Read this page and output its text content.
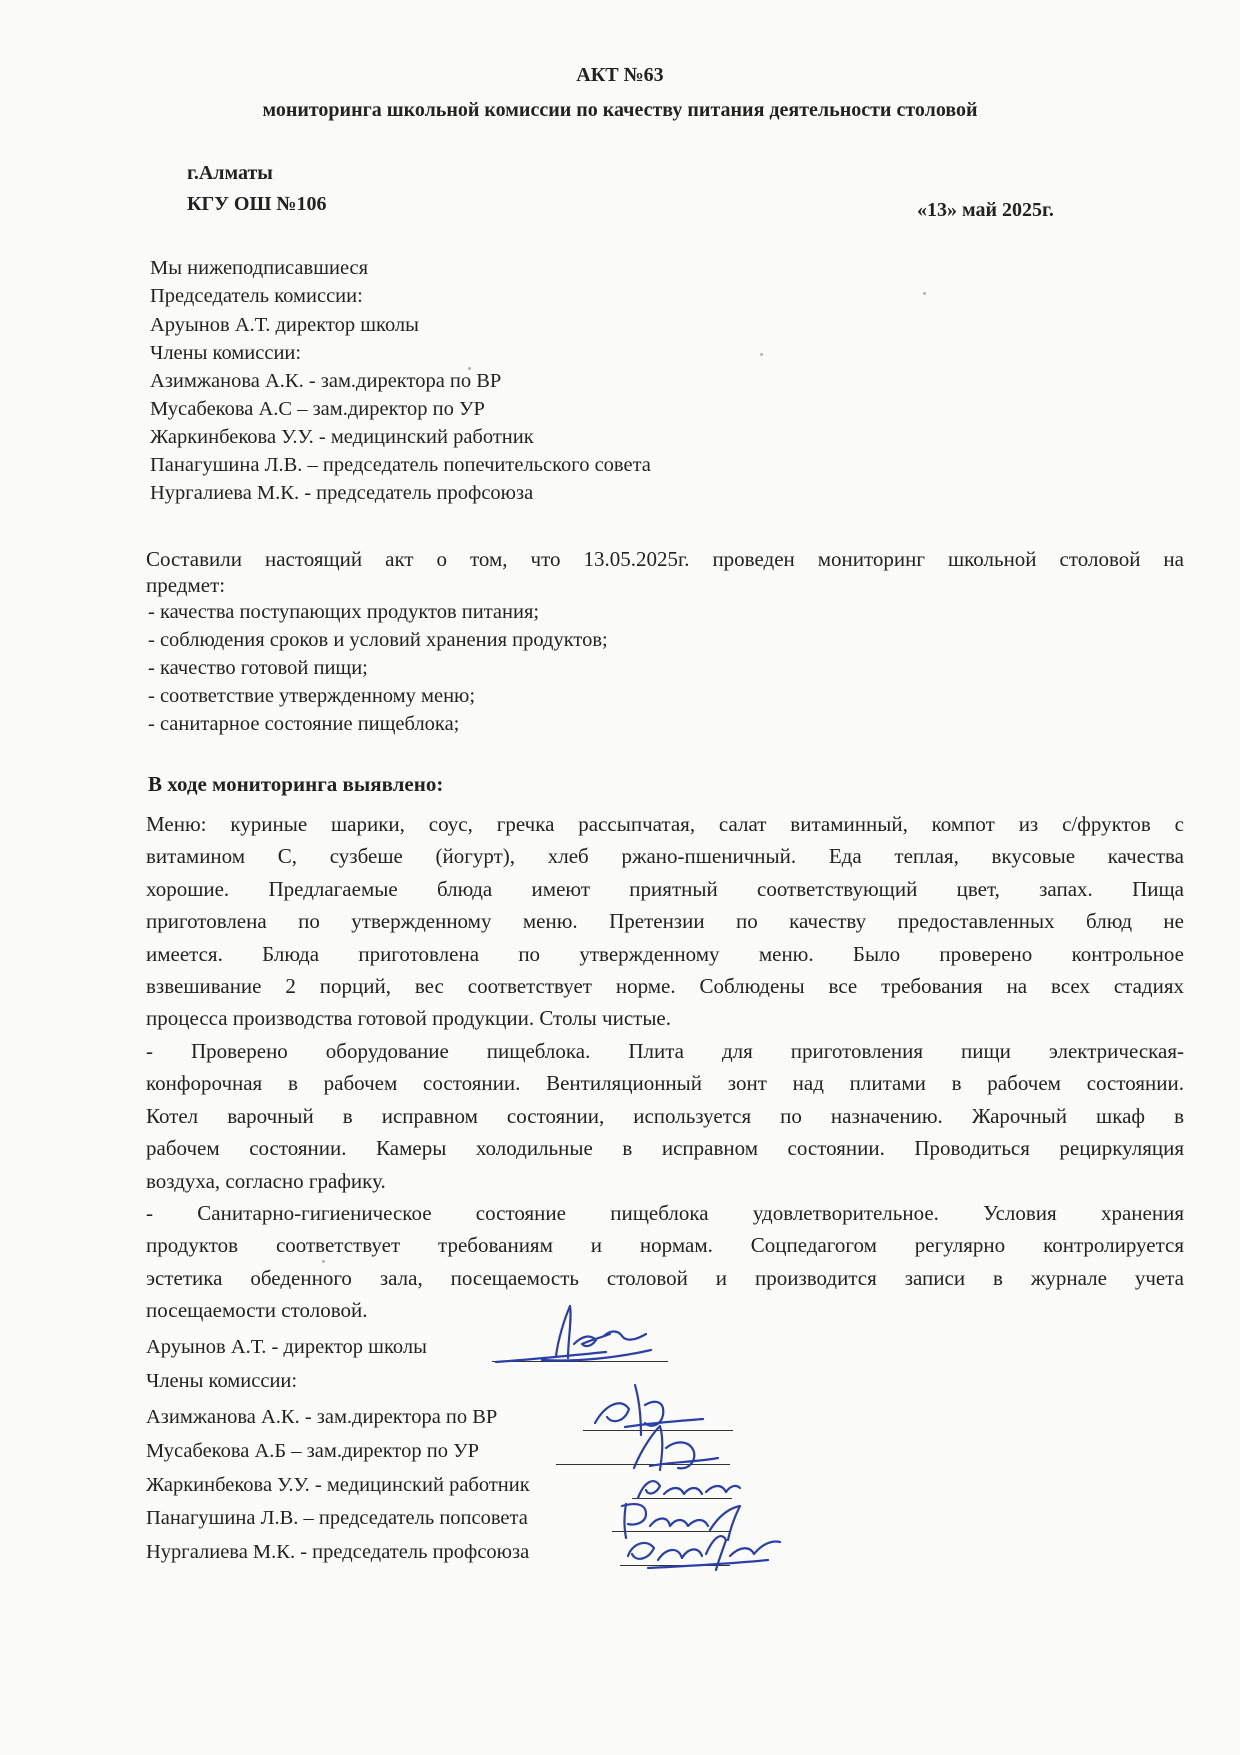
АКТ №63
мониторинга школьной комиссии по качеству питания деятельности столовой
г.Алматы
КГУ ОШ №106	«13» май 2025г.
Мы нижеподписавшиеся
Председатель комиссии:
Аруынов А.Т. директор школы
Члены комиссии:
Азимжанова А.К. - зам.директора по ВР
Мусабекова А.С – зам.директор по УР
Жаркинбекова У.У. - медицинский работник
Панагушина Л.В. – председатель попечительского совета
Нургалиева М.К. - председатель профсоюза
Составили настоящий акт о том, что 13.05.2025г. проведен мониторинг школьной столовой на
предмет:
- качества поступающих продуктов питания;
- соблюдения сроков и условий хранения продуктов;
- качество готовой пищи;
- соответствие утвержденному меню;
- санитарное состояние пищеблока;
В ходе мониторинга выявлено:
Меню: куриные шарики, соус, гречка рассыпчатая, салат витаминный, компот из с/фруктов с
витамином С, сузбеше (йогурт), хлеб ржано-пшеничный. Еда теплая, вкусовые качества
хорошие. Предлагаемые блюда имеют приятный соответствующий цвет, запах. Пища
приготовлена по утвержденному меню. Претензии по качеству предоставленных блюд не
имеется. Блюда приготовлена по утвержденному меню. Было проверено контрольное
взвешивание 2 порций, вес соответствует норме. Соблюдены все требования на всех стадиях
процесса производства готовой продукции. Столы чистые.
- Проверено оборудование пищеблока. Плита для приготовления пищи электрическая-
конфорочная в рабочем состоянии. Вентиляционный зонт над плитами в рабочем состоянии.
Котел варочный в исправном состоянии, используется по назначению. Жарочный шкаф в
рабочем состоянии. Камеры холодильные в исправном состоянии. Проводиться рециркуляция
воздуха, согласно графику.
- Санитарно-гигиеническое состояние пищеблока удовлетворительное. Условия хранения
продуктов соответствует требованиям и нормам. Соцпедагогом регулярно контролируется
эстетика обеденного зала, посещаемость столовой и производится записи в журнале учета
посещаемости столовой.
Аруынов А.Т. - директор школы
Члены комиссии:
Азимжанова А.К. - зам.директора по ВР
Мусабекова А.Б – зам.директор по УР
Жаркинбекова У.У. - медицинский работник
Панагушина Л.В. – председатель попсовета
Нургалиева М.К. - председатель профсоюза
